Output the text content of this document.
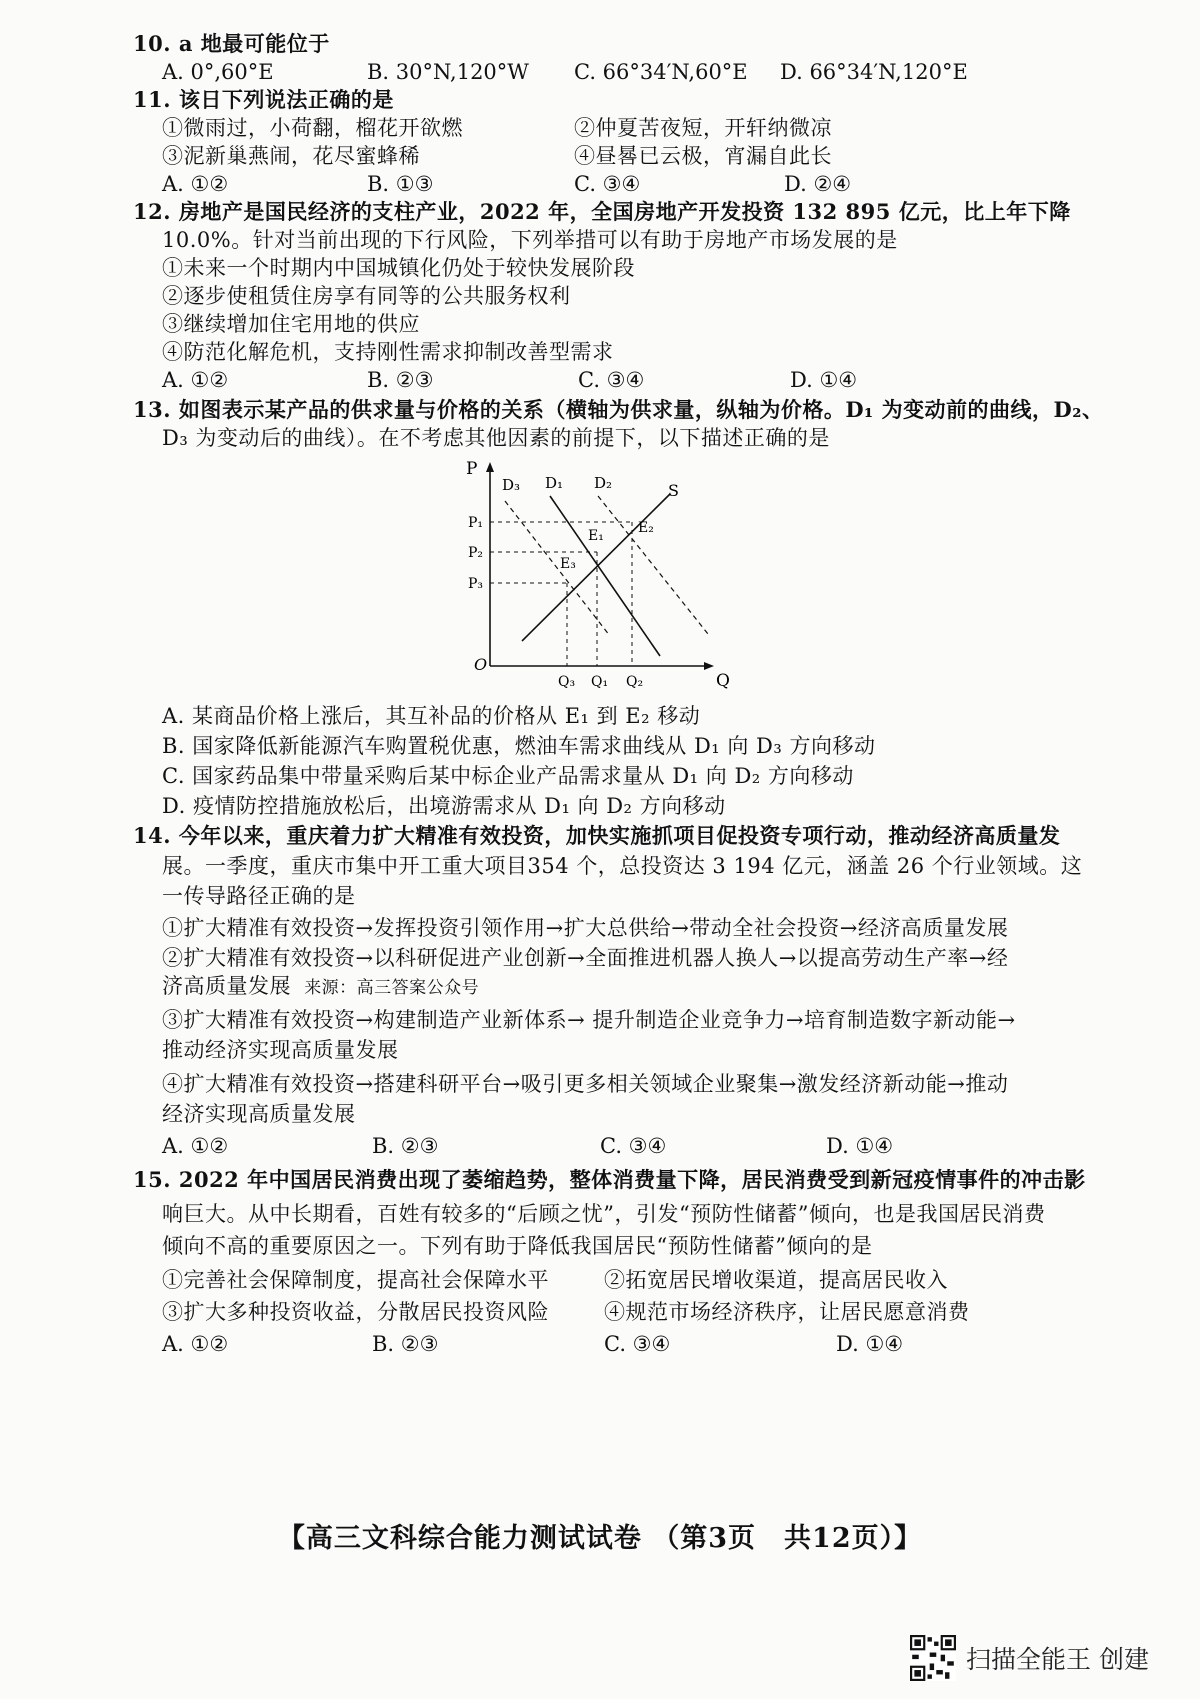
10. a 地最可能位于
A. 0°,60°E	B. 30°N,120°W C. 66°34′N,60°E D. 66°34′N,120°E
11. 该日下列说法正确的是
①微雨过，小荷翻，榴花开欲燃	②仲夏苦夜短，开轩纳微凉
③泥新巢燕闹，花尽蜜蜂稀	④昼晷已云极，宵漏自此长
A. ①②	B. ①③	C. ③④	D. ②④
12. 房地产是国民经济的支柱产业，2022 年，全国房地产开发投资 132 895 亿元，比上年下降
10.0%。针对当前出现的下行风险，下列举措可以有助于房地产市场发展的是
①未来一个时期内中国城镇化仍处于较快发展阶段
②逐步使租赁住房享有同等的公共服务权利
③继续增加住宅用地的供应
④防范化解危机，支持刚性需求抑制改善型需求
A. ①②	B. ②③	C. ③④	D. ①④
13. 如图表示某产品的供求量与价格的关系（横轴为供求量，纵轴为价格。D₁ 为变动前的曲线，D₂、
D₃ 为变动后的曲线）。在不考虑其他因素的前提下，以下描述正确的是
P
Q
O
D₃ D₁ D₂	S
E₁ E₂
E₃
P₁
P₂
P₃
Q₃ Q₁ Q₂
A. 某商品价格上涨后，其互补品的价格从 E₁ 到 E₂ 移动
B. 国家降低新能源汽车购置税优惠，燃油车需求曲线从 D₁ 向 D₃ 方向移动
C. 国家药品集中带量采购后某中标企业产品需求量从 D₁ 向 D₂ 方向移动
D. 疫情防控措施放松后，出境游需求从 D₁ 向 D₂ 方向移动
14. 今年以来，重庆着力扩大精准有效投资，加快实施抓项目促投资专项行动，推动经济高质量发
展。一季度，重庆市集中开工重大项目354 个，总投资达 3 194 亿元，涵盖 26 个行业领域。这
一传导路径正确的是
①扩大精准有效投资→发挥投资引领作用→扩大总供给→带动全社会投资→经济高质量发展
②扩大精准有效投资→以科研促进产业创新→全面推进机器人换人→以提高劳动生产率→经
济高质量发展 来源：高三答案公众号
③扩大精准有效投资→构建制造产业新体系→ 提升制造企业竞争力→培育制造数字新动能→
推动经济实现高质量发展
④扩大精准有效投资→搭建科研平台→吸引更多相关领域企业聚集→激发经济新动能→推动
经济实现高质量发展
A. ①②	B. ②③	C. ③④	D. ①④
15. 2022 年中国居民消费出现了萎缩趋势，整体消费量下降，居民消费受到新冠疫情事件的冲击影
响巨大。从中长期看，百姓有较多的“后顾之忧”，引发“预防性储蓄”倾向，也是我国居民消费
倾向不高的重要原因之一。下列有助于降低我国居民“预防性储蓄”倾向的是
①完善社会保障制度，提高社会保障水平	②拓宽居民增收渠道，提高居民收入
③扩大多种投资收益，分散居民投资风险	④规范市场经济秩序，让居民愿意消费
A. ①②	B. ②③	C. ③④	D. ①④
【高三文科综合能力测试试卷 （第3页　共12页）】
扫描全能王 创建
